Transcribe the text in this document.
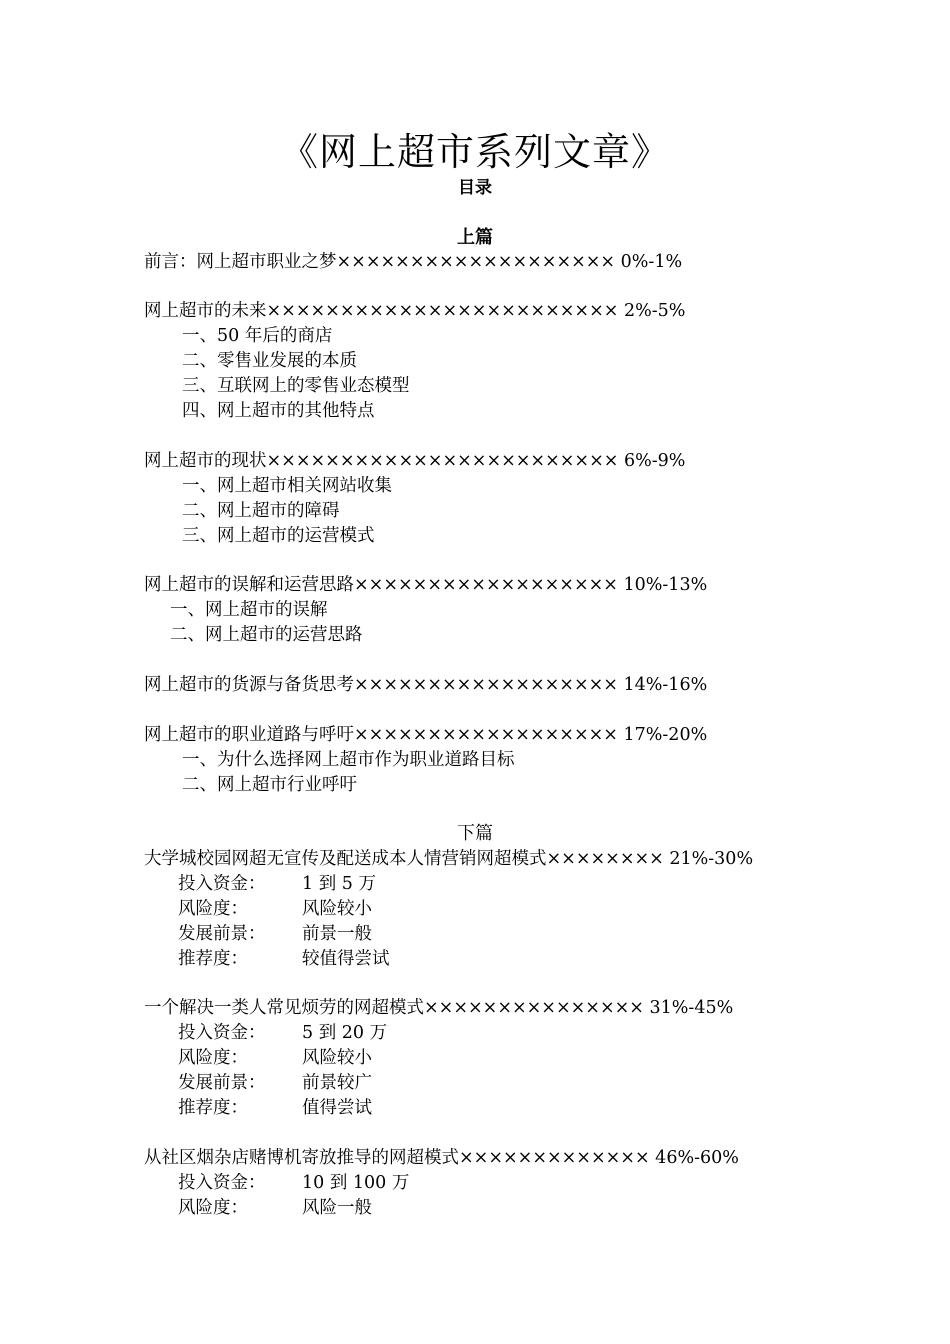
《网上超市系列文章》
目录
上篇
前言：网上超市职业之梦××××××××××××××××××× 0%-1%
网上超市的未来×××××××××××××××××××××××× 2%-5%
一、50 年后的商店
二、零售业发展的本质
三、互联网上的零售业态模型
四、网上超市的其他特点
网上超市的现状×××××××××××××××××××××××× 6%-9%
一、网上超市相关网站收集
二、网上超市的障碍
三、网上超市的运营模式
网上超市的误解和运营思路×××××××××××××××××× 10%-13%
一、网上超市的误解
二、网上超市的运营思路
网上超市的货源与备货思考×××××××××××××××××× 14%-16%
网上超市的职业道路与呼吁×××××××××××××××××× 17%-20%
一、为什么选择网上超市作为职业道路目标
二、网上超市行业呼吁
下篇
大学城校园网超无宣传及配送成本人情营销网超模式×××××××× 21%-30%
投入资金： 1 到 5 万
风险度：	风险较小
发展前景： 前景一般
推荐度：	较值得尝试
一个解决一类人常见烦劳的网超模式××××××××××××××× 31%-45%
投入资金： 5 到 20 万
风险度：	风险较小
发展前景： 前景较广
推荐度：	值得尝试
从社区烟杂店赌博机寄放推导的网超模式××××××××××××× 46%-60%
投入资金： 10 到 100 万
风险度：	风险一般
